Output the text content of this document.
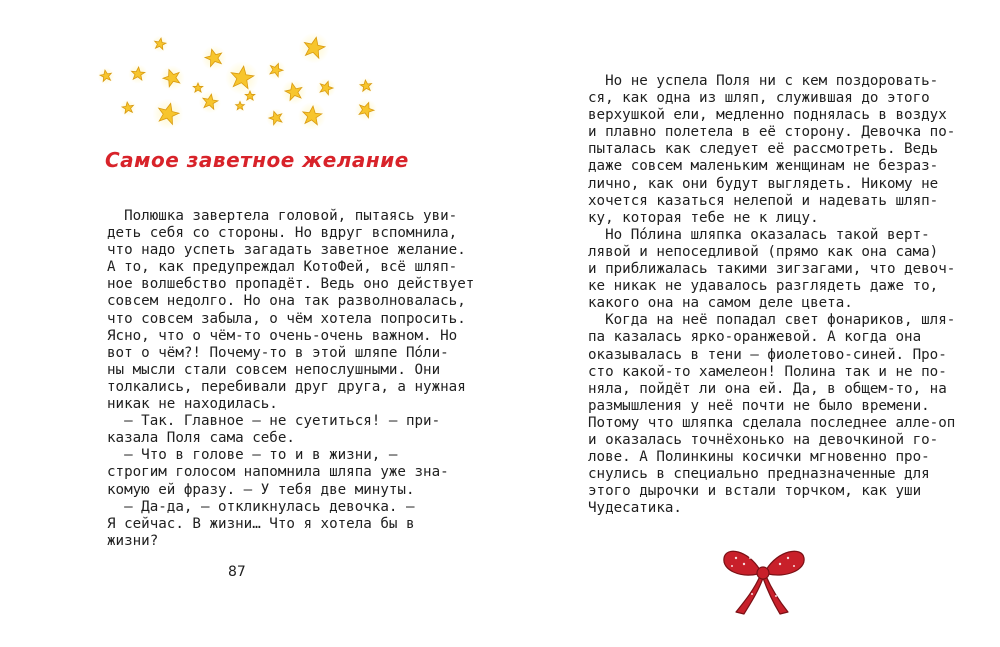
Самое заветное желание
Полюшка завертела головой, пытаясь уви-
деть себя со стороны. Но вдруг вспомнила,
что надо успеть загадать заветное желание.
А то, как предупреждал КотоФей, всё шляп-
ное волшебство пропадёт. Ведь оно действует
совсем недолго. Но она так разволновалась,
что совсем забыла, о чём хотела попросить.
Ясно, что о чём-то очень-очень важном. Но
вот о чём?! Почему-то в этой шляпе По́ли-
ны мысли стали совсем непослушными. Они
толкались, перебивали друг друга, а нужная
никак не находилась.
— Так. Главное — не суетиться! — при-
казала Поля сама себе.
— Что в голове — то и в жизни, —
строгим голосом напомнила шляпа уже зна-
комую ей фразу. — У тебя две минуты.
— Да-да, — откликнулась девочка. —
Я сейчас. В жизни… Что я хотела бы в
жизни?
87
Но не успела Поля ни с кем поздоровать-
ся, как одна из шляп, служившая до этого
верхушкой ели, медленно поднялась в воздух
и плавно полетела в её сторону. Девочка по-
пыталась как следует её рассмотреть. Ведь
даже совсем маленьким женщинам не безраз-
лично, как они будут выглядеть. Никому не
хочется казаться нелепой и надевать шляп-
ку, которая тебе не к лицу.
Но По́лина шляпка оказалась такой верт-
лявой и непоседливой (прямо как она сама)
и приближалась такими зигзагами, что девоч-
ке никак не удавалось разглядеть даже то,
какого она на самом деле цвета.
Когда на неё попадал свет фонариков, шля-
па казалась ярко-оранжевой. А когда она
оказывалась в тени — фиолетово-синей. Про-
сто какой-то хамелеон! Полина так и не по-
няла, пойдёт ли она ей. Да, в общем-то, на
размышления у неё почти не было времени.
Потому что шляпка сделала последнее алле-оп
и оказалась точнёхонько на девочкиной го-
лове. А Полинкины косички мгновенно про-
снулись в специально предназначенные для
этого дырочки и встали торчком, как уши
Чудесатика.
